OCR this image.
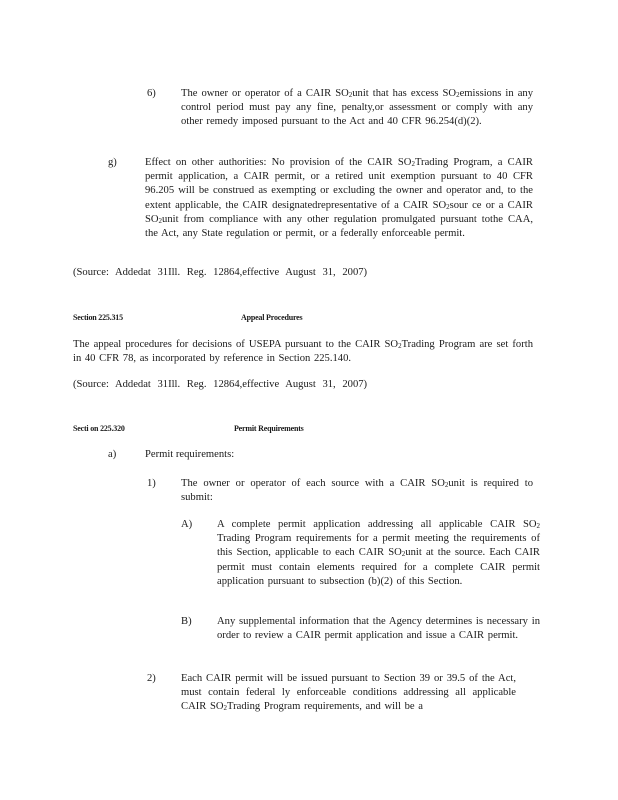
6) The owner or operator of a CAIR $SO_2unit$ that has excess $SO_2emissions$ in any control period must pay any fine, penalty,or assessment or comply with any other remedy imposed pursuant to the Act and 40 CFR 96.254(d)(2).

g)	Effect on other authorities: No provision of the CAIR $SO_2Trading$ Program, a CAIR permit application, a CAIR permit, or a retired unit exemption pursuant to 40 CFR 96.205 will be construed as exempting or excluding the owner and operator and, to the extent applicable, the CAIR designatedrepresentative of a CAIR $SO_2sour$ ce or a CAIR $SO_2unit$ from compliance with any other regulation promulgated pursuant tothe CAA, the Act, any State regulation or permit, or a federally enforceable permit.

(Source: Addedat 31Ill. Reg. 12864,effective August 31, 2007)

Section 225.315	Appeal Procedures

The appeal procedures for decisions of USEPA pursuant to the CAIR $SO_2Trading$ Program are set forth in 40 CFR 78, as incorporated by reference in Section 225.140.

(Source: Addedat 31Ill. Reg. 12864,effective August 31, 2007)

Secti on 225.320	Permit Requirements
a)	Permit requirements:

1) The owner or operator of each source with a CAIR $SO_2unit$ is required to submit:

A) A complete permit application addressing all applicable CAIR $SO_2$ Trading Program requirements for a permit meeting the requirements of this Section, applicable to each CAIR $SO_2unit$ at the source. Each CAIR permit must contain elements required for a complete CAIR permit application pursuant to subsection (b)(2) of this Section.

B) Any supplemental information that the Agency determines is necessary in order to review a CAIR permit application and issue a CAIR permit.

2) Each CAIR permit will be issued pursuant to Section 39 or 39.5 of the Act, must contain federal ly enforceable conditions addressing all applicable CAIR $SO_2Trading$ Program requirements, and will be a
